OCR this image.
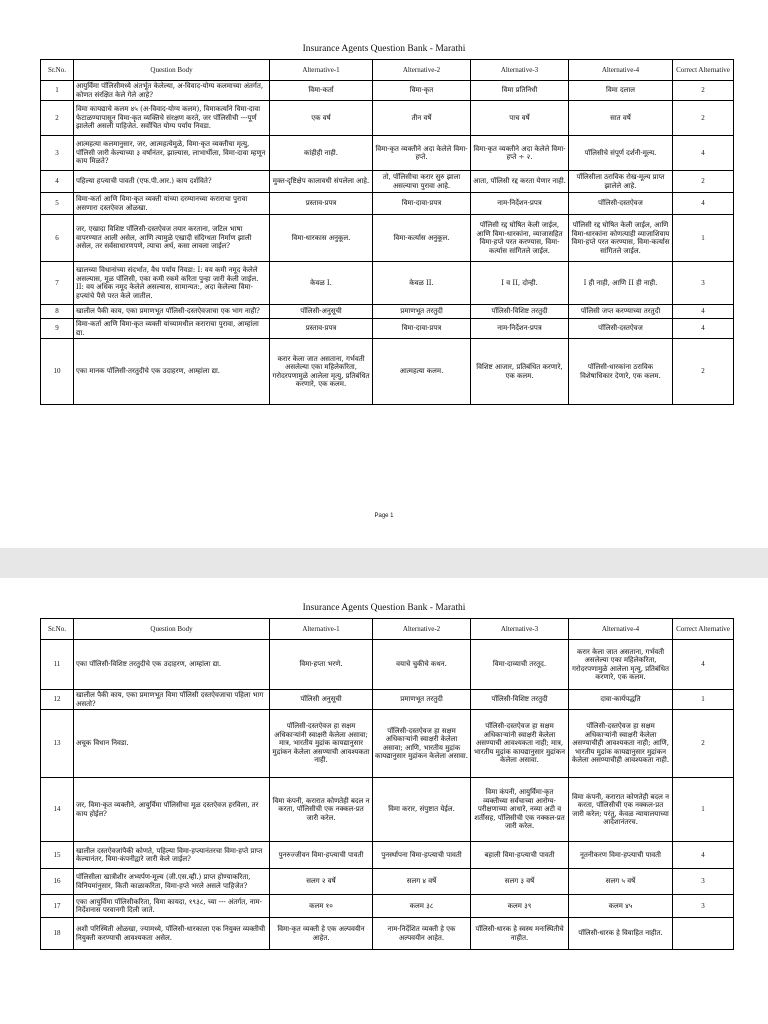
Insurance Agents Question Bank - Marathi
Sr.No.	Question Body	Alternative-1	Alternative-2	Alternative-3	Alternative-4	Correct Alternative
1	आयुर्विमा पॉलिसीमध्ये अंतर्भूत केलेल्या, अ-विवाद-योग्य कलमाच्या अंतर्गत, कोणत संरक्षित केले गेले आहे?	विमा-कर्ता	विमा-कृत	विमा प्रतिनिधी	विमा दलाल	2
2	विमा कायद्याचे कलम ४५ (अ-विवाद-योग्य कलम), विमाकर्त्यांने विमा-दावा फेटाळण्यापासून विमा-कृत व्यक्तिचे संरक्षण करते, जर पॉलिसीची ---पूर्ण झालेली असली पाहिजेत. सर्वोचित योग्य पर्याय निवडा.	एक वर्ष	तीन वर्षे	पाच वर्षे	सात वर्षे	2
3	आत्महत्या कलमानुसार, जर, आत्महत्येमुळे, विमा-कृत व्यक्तीचा मृत्यु, पॉलिसी जारी केल्याच्या ३ वर्षांनंतर, झाल्यास, लाभार्थीला, विमा-दावा म्हणून काय मिळते?	कांहीही नाही.	विमा-कृत व्यक्तीने अदा केलेले विमा-हप्ते.	विमा-कृत व्यक्तीने अदा केलेले विमा-हप्ते ÷ २.	पॉलिसीचे संपूर्ण दर्शनी-मूल्य.	4
4	पहिल्या हप्त्याची पावती (एफ.पी.आर.) काय दर्शविते?	मुक्त-दृष्टिक्षेप कालावधी संपलेला आहे.	तो, पॉलिसीचा करार सुरु झाला असल्याचा पुरावा आहे.	आता, पॉलिसी रद्द करता येणार नाही.	पॉलिसीला ठराविक रोख-मूल्य प्राप्त झालेले आहे.	2
5	विमा-कर्ता आणि विमा-कृत व्यक्ती यांच्या दरम्यानच्या कराराचा पुरावा असणारा दस्तऐवज ओळखा.	प्रस्ताव-प्रपत्र	विमा-दावा-प्रपत्र	नाम-निर्देशन-प्रपत्र	पॉलिसी-दस्तऐवज	4
6	जर, एखादा विशिष्ट पॉलिसी-दस्तऐवज तयार करताना, जटिल भाषा वापरण्यात आली असेल, आणि त्यामुळे एखादी संदिग्धता निर्माण झाली असेल, तर सर्वसाधारणपणे, त्याचा अर्थ, कसा लावला जाईल?	विमा-धारकास अनुकूल.	विमा-कर्त्यास अनुकूल.	पॉलिसी रद्द घोषित केली जाईल, आणि विमा-धारकांना, व्याजासहित विमा-हप्ते परत करण्यास, विमा-कर्त्यास सांगितले जाईल.	पॉलिसी रद्द घोषित केली जाईल, आणि विमा-धारकांना कोणत्याही व्याजाशिवाय विमा-हप्ते परत करण्यास, विमा-कर्त्यास सांगितले जाईल.	1
7	खालच्या विधानांच्या संदर्भात, वैध पर्याय निवडा: I: वय कमी नमूद केलेले असल्यास, मूळ पॉलिसी, एका कमी रकमे करिता पुन्हा जारी केली जाईल. II: वय अधिक नमूद केलेले असल्यास, सामान्यत:, अदा केलेल्या विमा-हप्त्यांचे पैसे परत केले जातील.	केवळ I.	केवळ II.	I व II, दोन्ही.	I ही नाही, आणि II ही नाही.	3
8	खालील पैकी काय, एका प्रमाणभूत पॉलिसी-दस्तऐवजाचा एक भाग नाही?	पॉलिसी-अनुसूची	प्रमाणभूत तरतुदी	पॉलिसी-विशिष्ट तरतुदी	पॉलिसी जप्त करण्याच्या तरतुदी	4
9	विमा-कर्ता आणि विमा-कृत व्यक्ती यांच्यामधील कराराचा पुरावा, आम्हांला द्या.	प्रस्ताव-प्रपत्र	विमा-दावा-प्रपत्र	नाम-निर्देशन-प्रपत्र	पॉलिसी-दस्तऐवज	4
10	एका मानक पॉलिसी-तरतुदीचे एक उदाहरण, आम्हांला द्या.	करार केला जात असताना, गर्भवती असलेल्या एका महिलेकरिता, गरोदरपणामुळे आलेला मृत्यु, प्रतिबंधित करणारे, एक कलम.	आत्महत्या कलम.	विशिष्ट आजार, प्रतिबंधित करणारे, एक कलम.	पॉलिसी-धारकांना ठराविक विशेषाधिकार देणारे, एक कलम.	2
Page 1
Insurance Agents Question Bank - Marathi
Sr.No.	Question Body	Alternative-1	Alternative-2	Alternative-3	Alternative-4	Correct Alternative
11	एका पॉलिसी-विशिष्ट तरतुदीचे एक उदाहरण, आम्हांला द्या.	विमा-हप्ता भरणे.	वयाचे चुकीचे कथन.	विमा-दाव्याची तरतूद.	करार केला जात असताना, गर्भवती असलेल्या एका महिलेकरिता, गरोदरपणामुळे आलेला मृत्यु, प्रतिबंधित करणारे, एक कलम.	4
12	खालील पैकी काय, एका प्रमाणभूत विमा पॉलिसी दस्तऐवजाचा पहिला भाग असतो?	पॉलिसी अनुसूची	प्रमाणभूत तरतुदी	पॉलिसी-विशिष्ट तरतुदी	दावा-कार्यपद्धति	1
13	अचूक विधान निवडा.	पॉलिसी-दस्तऐवज हा सक्षम अधिकाऱ्यांनी स्वाक्षरी केलेला असावा; मात्र, भारतीय मुद्रांक कायद्यानुसार मुद्रांकन केलेला असण्याची आवश्यकता नाही.	पॉलिसी-दस्तऐवज हा सक्षम अधिकाऱ्यांनी स्वाक्षरी केलेला असावा; आणि, भारतीय मुद्रांक कायद्यानुसार मुद्रांकन केलेला असावा.	पॉलिसी-दस्तऐवज हा सक्षम अधिकाऱ्यांनी स्वाक्षरी केलेला असण्याची आवश्यकता नाही; मात्र, भारतीय मुद्रांक कायद्यानुसार मुद्रांकन केलेला असावा.	पॉलिसी-दस्तऐवज हा सक्षम अधिकाऱ्यांनी स्वाक्षरी केलेला असण्याचीही आवश्यकता नाही; आणि, भारतीय मुद्रांक कायद्यानुसार मुद्रांकन केलेला असण्याचीही आवश्यकता नाही.	2
14	जर, विमा-कृत व्यक्तीने, आयुर्विमा पॉलिसीचा मूळ दस्तऐवज हरविला, तर काय होईल?	विमा कंपनी, करारात कोणतेही बदल न करता, पॉलिसीची एक नक्कल-प्रत जारी करेल.	विमा करार, संपुष्टात येईल.	विमा कंपनी, आयुर्विमा-कृत व्यक्तीच्या सर्वचाच्या आरोग्य-परीक्षणाच्या आधारे, नव्या अटी व शर्तीसह, पॉलिसीची एक नक्कल-प्रत जारी करेल.	विमा कंपनी, करारात कोणतेही बदल न करता, पॉलिसीची एक नक्कल-प्रत जारी करेल; परंतु, केवळ न्यायालयाच्या आदेशानंतरच.	1
15	खालील दस्तऐवजांपैकी कोणते, पहिल्या विमा-हप्त्यानंतरचा विमा-हप्ते प्राप्त केल्यानंतर, विमा-कंपनीद्वारे जारी केले जाईल?	पुनरुज्जीवन विमा-हप्त्याची पावती	पुनर्स्थापना विमा-हप्त्याची पावती	बहाली विमा-हप्त्याची पावती	नूतनीकरण विमा-हप्त्याची पावती	4
16	पॉलिसीला खात्रीशीर अभ्यर्पण-मूल्य (जी.एस.व्ही.) प्राप्त होण्याकरिता, विनियमांनुसार, किती काळाकरिता, विमा-हप्ते भरले असले पाहिजेत?	सलग २ वर्षे	सलग ४ वर्षे	सलग ३ वर्षे	सलग ५ वर्षे	3
17	एका आयुर्विमा पॉलिसीकरिता, विमा कायदा, १९३८, च्या --- अंतर्गत, नाम-निर्देशनास परवानगी दिली जाते.	कलम १०	कलम ३८	कलम ३९	कलम ४५	3
18	अशी परिस्थिती ओळखा, ज्यामध्ये, पॉलिसी-धारकाला एक नियुक्त व्यक्तीची नियुक्ती करण्याची आवश्यकता असेल.	विमा-कृत व्यक्ती हे एक अल्पवयीन आहेत.	नाम-निर्देशित व्यक्ती हे एक अल्पवयीन आहेत.	पॉलिसी-धारक हे स्वस्थ मनःस्थितीचे नाहीत.	पॉलिसी-धारक हे विवाहित नाहीत.	
